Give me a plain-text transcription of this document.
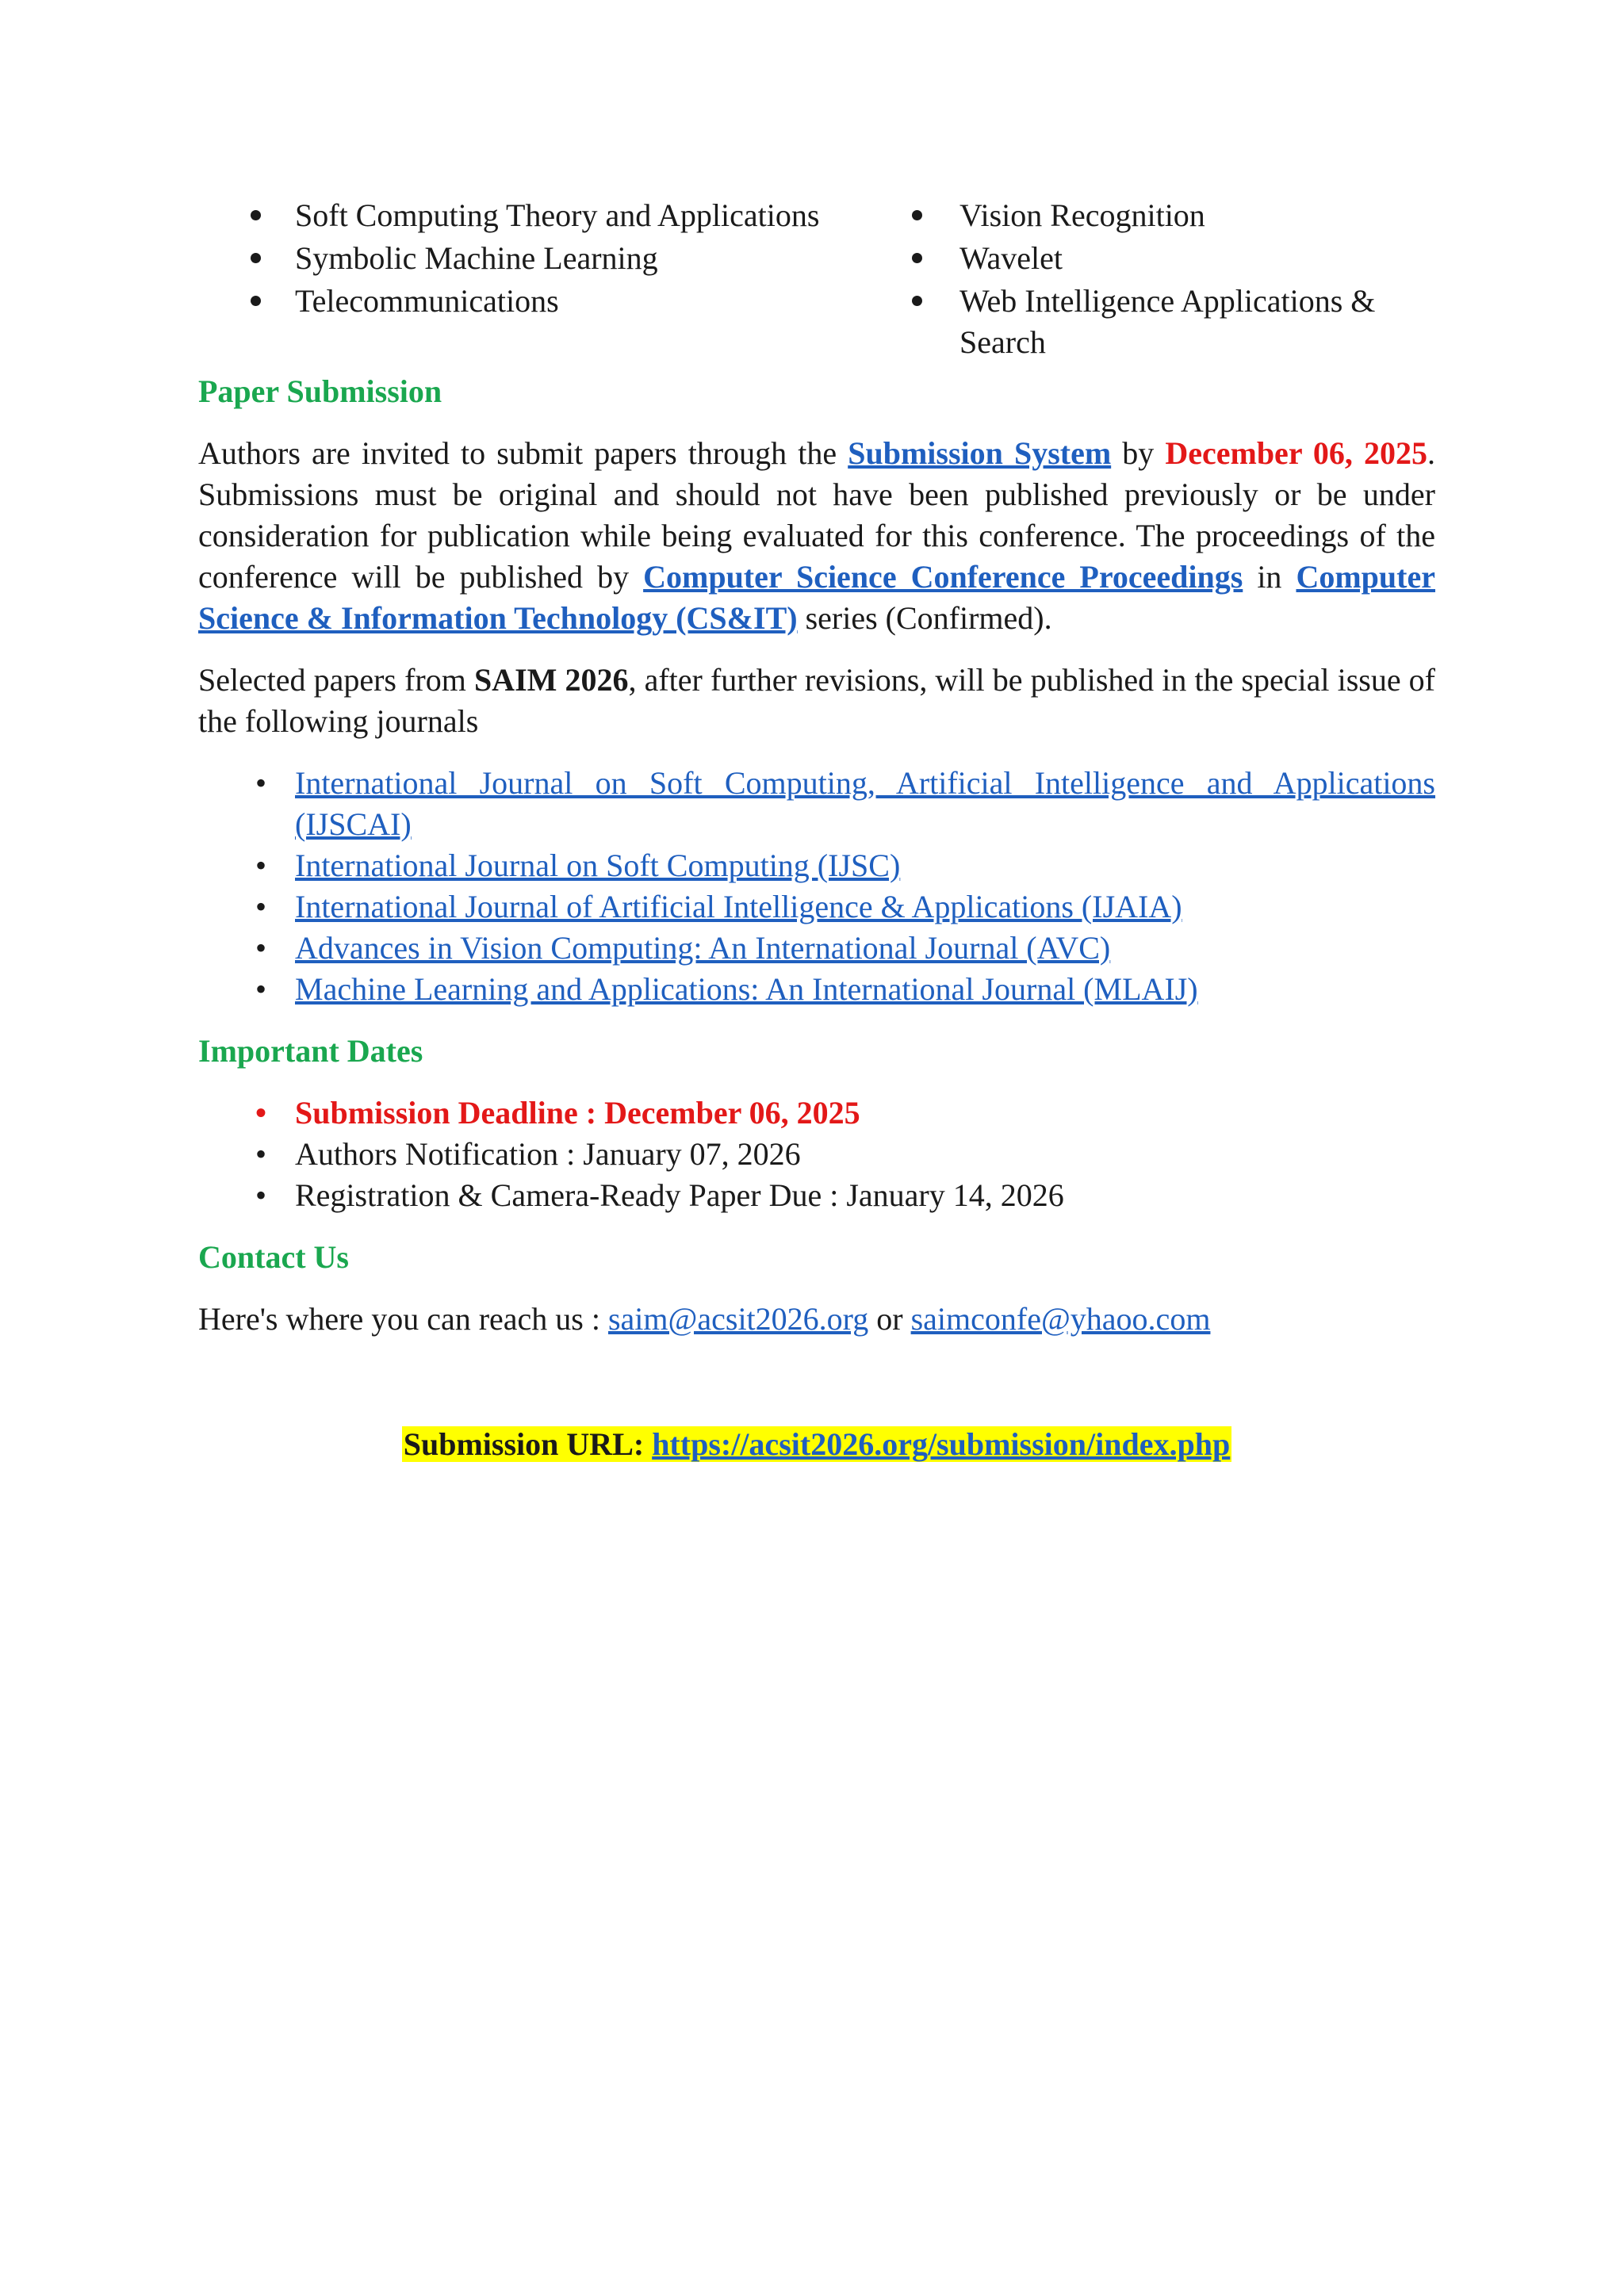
Soft Computing Theory and Applications
Symbolic Machine Learning
Telecommunications
Vision Recognition
Wavelet
Web Intelligence Applications & Search
Paper Submission

Authors are invited to submit papers through the Submission System by December 06, 2025. Submissions must be original and should not have been published previously or be under consideration for publication while being evaluated for this conference. The proceedings of the conference will be published by Computer Science Conference Proceedings in Computer Science & Information Technology (CS&IT) series (Confirmed).

Selected papers from SAIM 2026, after further revisions, will be published in the special issue of the following journals

• International Journal on Soft Computing, Artificial Intelligence and Applications (IJSCAI)
• International Journal on Soft Computing (IJSC)
• International Journal of Artificial Intelligence & Applications (IJAIA)
• Advances in Vision Computing: An International Journal (AVC)
• Machine Learning and Applications: An International Journal (MLAIJ)
Important Dates
• Submission Deadline : December 06, 2025
• Authors Notification : January 07, 2026
• Registration & Camera-Ready Paper Due : January 14, 2026
Contact Us

Here's where you can reach us : saim@acsit2026.org or saimconfe@yhaoo.com

Submission URL: https://acsit2026.org/submission/index.php
